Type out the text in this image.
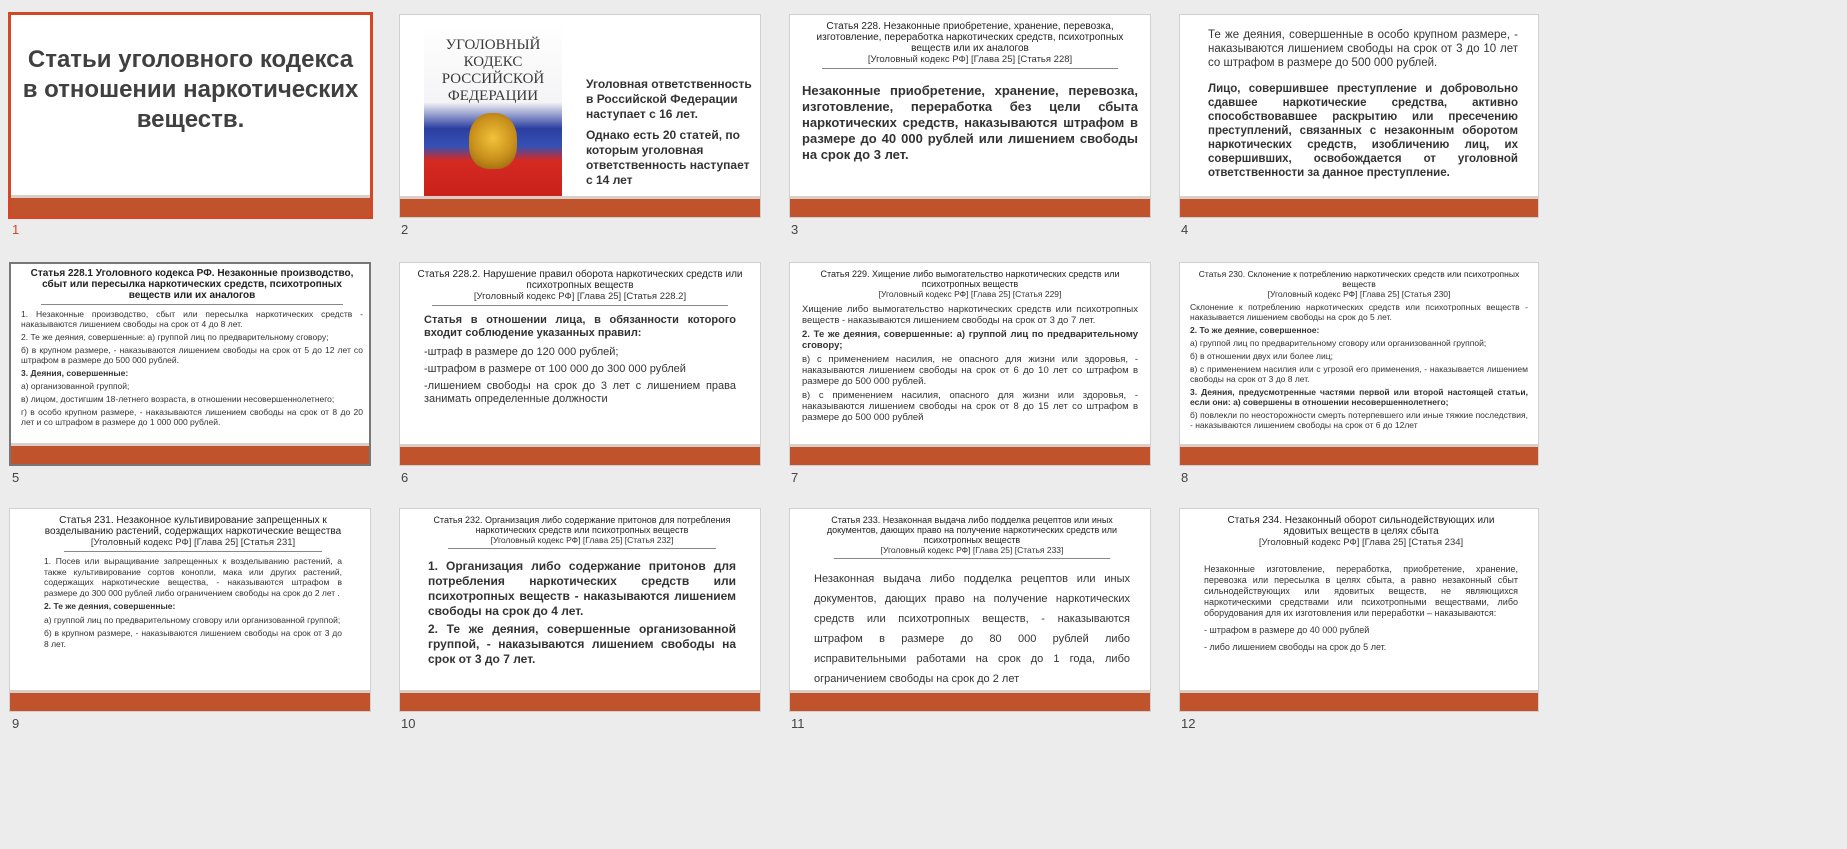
Статьи уголовного кодекса в отношении наркотических веществ.
1
УГОЛОВНЫЙ КОДЕКС РОССИЙСКОЙ ФЕДЕРАЦИИ
Уголовная ответственность в Российской Федерации наступает с 16 лет.
Однако есть 20 статей, по которым уголовная ответственность наступает с 14 лет
2
Статья 228. Незаконные приобретение, хранение, перевозка, изготовление, переработка наркотических средств, психотропных веществ или их аналогов
[Уголовный кодекс РФ] [Глава 25] [Статья 228]
Незаконные приобретение, хранение, перевозка, изготовление, переработка без цели сбыта наркотических средств, наказываются штрафом в размере до 40 000 рублей или лишением свободы на срок до 3 лет.
3
Те же деяния, совершенные в особо крупном размере, - наказываются лишением свободы на срок от 3 до 10 лет со штрафом в размере до 500 000 рублей.
Лицо, совершившее преступление и добровольно сдавшее наркотические средства, активно способствовавшее раскрытию или пресечению преступлений, связанных с незаконным оборотом наркотических средств, изобличению лиц, их совершивших, освобождается от уголовной ответственности за данное преступление.
4
Статья 228.1 Уголовного кодекса РФ. Незаконные производство, сбыт или пересылка наркотических средств, психотропных веществ или их аналогов
1. Незаконные производство, сбыт или пересылка наркотических средств - наказываются лишением свободы на срок от 4 до 8 лет.
2. Те же деяния, совершенные: а) группой лиц по предварительному сговору;
б) в крупном размере, - наказываются лишением свободы на срок от 5 до 12 лет со штрафом в размере до 500 000 рублей.
3. Деяния, совершенные:
а) организованной группой;
в) лицом, достигшим 18-летнего возраста, в отношении несовершеннолетнего;
г) в особо крупном размере, - наказываются лишением свободы на срок от 8 до 20 лет и со штрафом в размере до 1 000 000 рублей.
5
Статья 228.2. Нарушение правил оборота наркотических средств или психотропных веществ
[Уголовный кодекс РФ] [Глава 25] [Статья 228.2]
Статья в отношении лица, в обязанности которого входит соблюдение указанных правил:
-штраф в размере до 120 000 рублей;
-штрафом в размере от 100 000 до 300 000 рублей
-лишением свободы на срок до 3 лет с лишением права занимать определенные должности
6
Статья 229. Хищение либо вымогательство наркотических средств или психотропных веществ
[Уголовный кодекс РФ] [Глава 25] [Статья 229]
Хищение либо вымогательство наркотических средств или психотропных веществ - наказываются лишением свободы на срок от 3 до 7 лет.
2. Те же деяния, совершенные: а) группой лиц по предварительному сговору;
в) с применением насилия, не опасного для жизни или здоровья, - наказываются лишением свободы на срок от 6 до 10 лет со штрафом в размере до 500 000 рублей.
в) с применением насилия, опасного для жизни или здоровья, - наказываются лишением свободы на срок от 8 до 15 лет со штрафом в размере до 500 000 рублей
7
Статья 230. Склонение к потреблению наркотических средств или психотропных веществ
[Уголовный кодекс РФ] [Глава 25] [Статья 230]
Склонение к потреблению наркотических средств или психотропных веществ - наказывается лишением свободы на срок до 5 лет.
2. То же деяние, совершенное:
а) группой лиц по предварительному сговору или организованной группой;
б) в отношении двух или более лиц;
в) с применением насилия или с угрозой его применения, - наказывается лишением свободы на срок от 3 до 8 лет.
3. Деяния, предусмотренные частями первой или второй настоящей статьи, если они: а) совершены в отношении несовершеннолетнего;
б) повлекли по неосторожности смерть потерпевшего или иные тяжкие последствия, - наказываются лишением свободы на срок от 6 до 12лет
8
Статья 231. Незаконное культивирование запрещенных к возделыванию растений, содержащих наркотические вещества
[Уголовный кодекс РФ] [Глава 25] [Статья 231]
1. Посев или выращивание запрещенных к возделыванию растений, а также культивирование сортов конопли, мака или других растений, содержащих наркотические вещества, - наказываются штрафом в размере до 300 000 рублей либо ограничением свободы на срок до 2 лет .
2. Те же деяния, совершенные:
а) группой лиц по предварительному сговору или организованной группой;
б) в крупном размере, - наказываются лишением свободы на срок от 3 до 8 лет.
9
Статья 232. Организация либо содержание притонов для потребления наркотических средств или психотропных веществ
[Уголовный кодекс РФ] [Глава 25] [Статья 232]
1. Организация либо содержание притонов для потребления наркотических средств или психотропных веществ - наказываются лишением свободы на срок до 4 лет.
2. Те же деяния, совершенные организованной группой, - наказываются лишением свободы на срок от 3 до 7 лет.
10
Статья 233. Незаконная выдача либо подделка рецептов или иных документов, дающих право на получение наркотических средств или психотропных веществ
[Уголовный кодекс РФ] [Глава 25] [Статья 233]
Незаконная выдача либо подделка рецептов или иных документов, дающих право на получение наркотических средств или психотропных веществ, - наказываются штрафом в размере до 80 000 рублей либо исправительными работами на срок до 1 года, либо ограничением свободы на срок до 2 лет
11
Статья 234. Незаконный оборот сильнодействующих или ядовитых веществ в целях сбыта
[Уголовный кодекс РФ] [Глава 25] [Статья 234]
Незаконные изготовление, переработка, приобретение, хранение, перевозка или пересылка в целях сбыта, а равно незаконный сбыт сильнодействующих или ядовитых веществ, не являющихся наркотическими средствами или психотропными веществами, либо оборудования для их изготовления или переработки – наказываются:
- штрафом в размере до 40 000 рублей
- либо лишением свободы на срок до 5 лет.
12
